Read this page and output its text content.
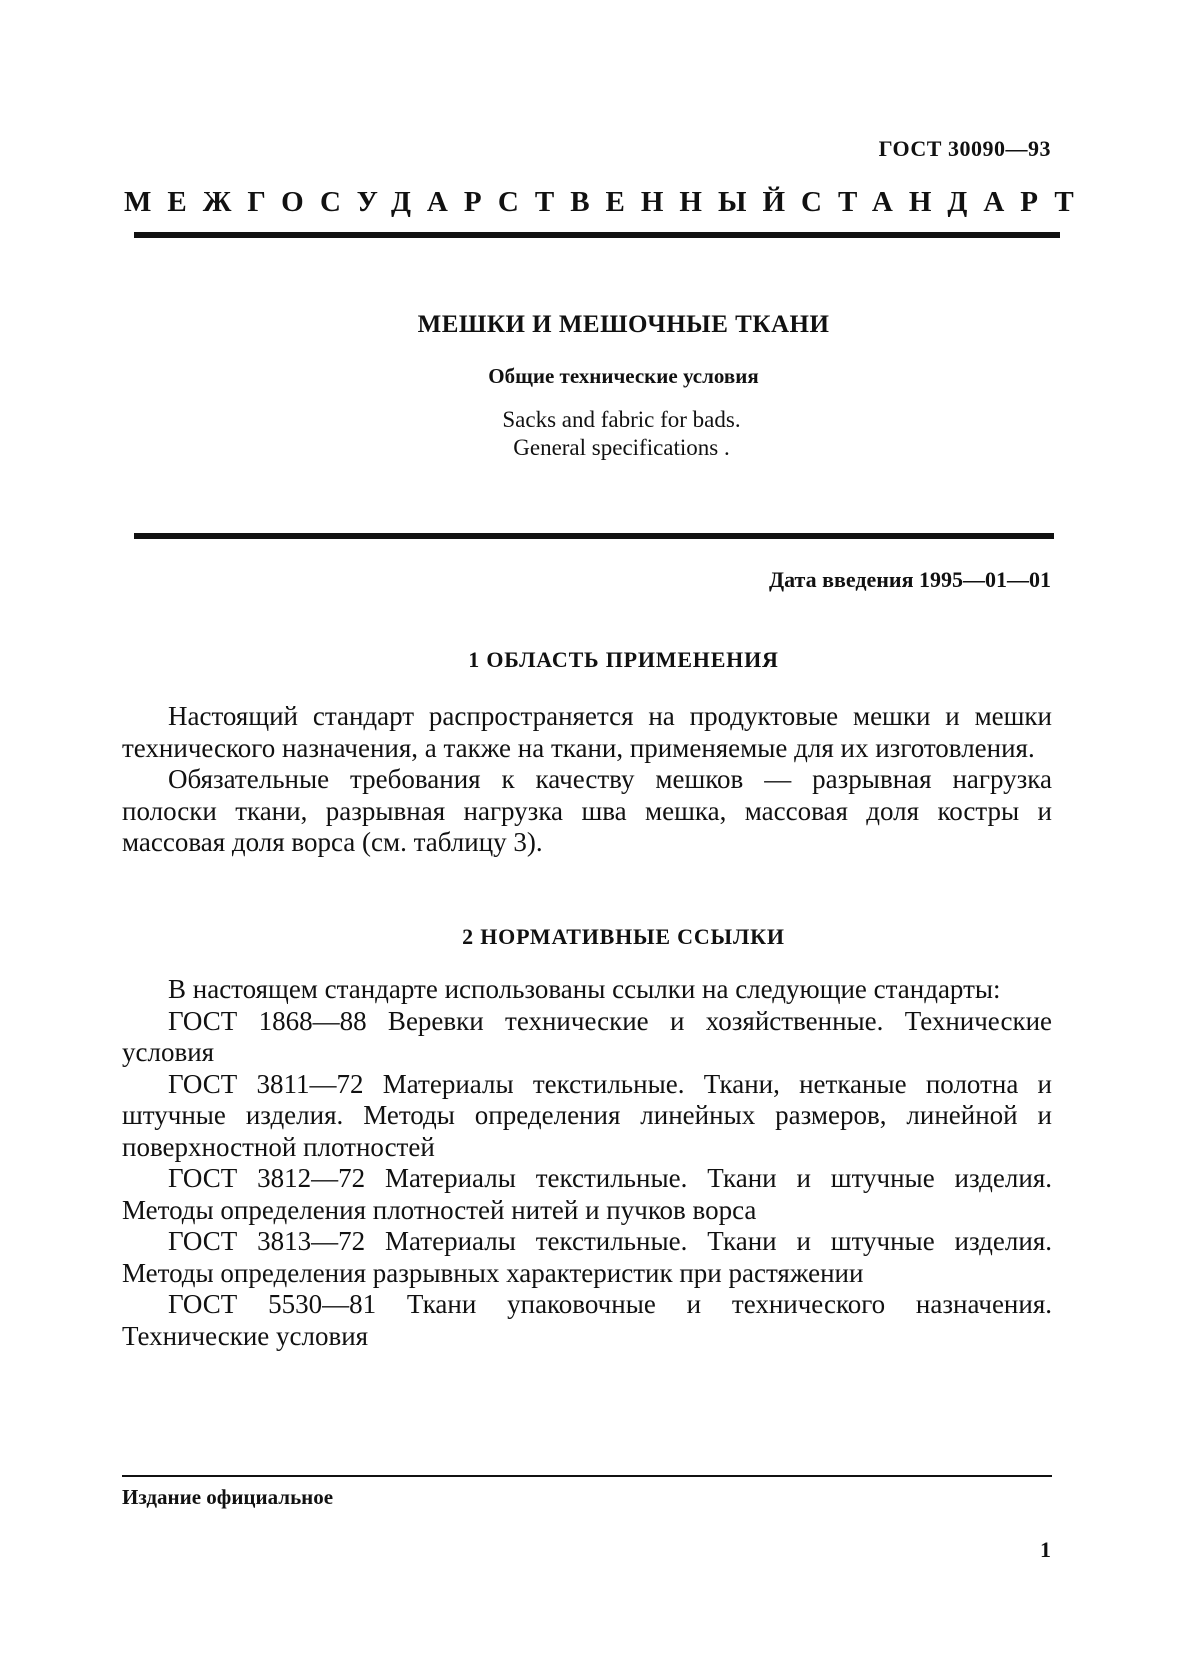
ГОСТ 30090—93
МЕЖГОСУДАРСТВЕННЫЙ СТАНДАРТ
МЕШКИ И МЕШОЧНЫЕ ТКАНИ
Общие технические условия
Sacks and fabric for bads.
General specifications .
Дата введения 1995—01—01
1 ОБЛАСТЬ ПРИМЕНЕНИЯ

Настоящий стандарт распространяется на продуктовые мешки и мешки технического назначения, а также на ткани, применяемые для их изготовления.

Обязательные требования к качеству мешков — разрывная нагрузка полоски ткани, разрывная нагрузка шва мешка, массовая доля костры и массовая доля ворса (см. таблицу 3).

2 НОРМАТИВНЫЕ ССЫЛКИ

В настоящем стандарте использованы ссылки на следующие стандарты:

ГОСТ 1868—88 Веревки технические и хозяйственные. Технические условия

ГОСТ 3811—72 Материалы текстильные. Ткани, нетканые полотна и штучные изделия. Методы определения линейных размеров, линейной и поверхностной плотностей

ГОСТ 3812—72 Материалы текстильные. Ткани и штучные изделия. Методы определения плотностей нитей и пучков ворса

ГОСТ 3813—72 Материалы текстильные. Ткани и штучные изделия. Методы определения разрывных характеристик при растяжении

ГОСТ 5530—81 Ткани упаковочные и технического назначения. Технические условия

Издание официальное
1
